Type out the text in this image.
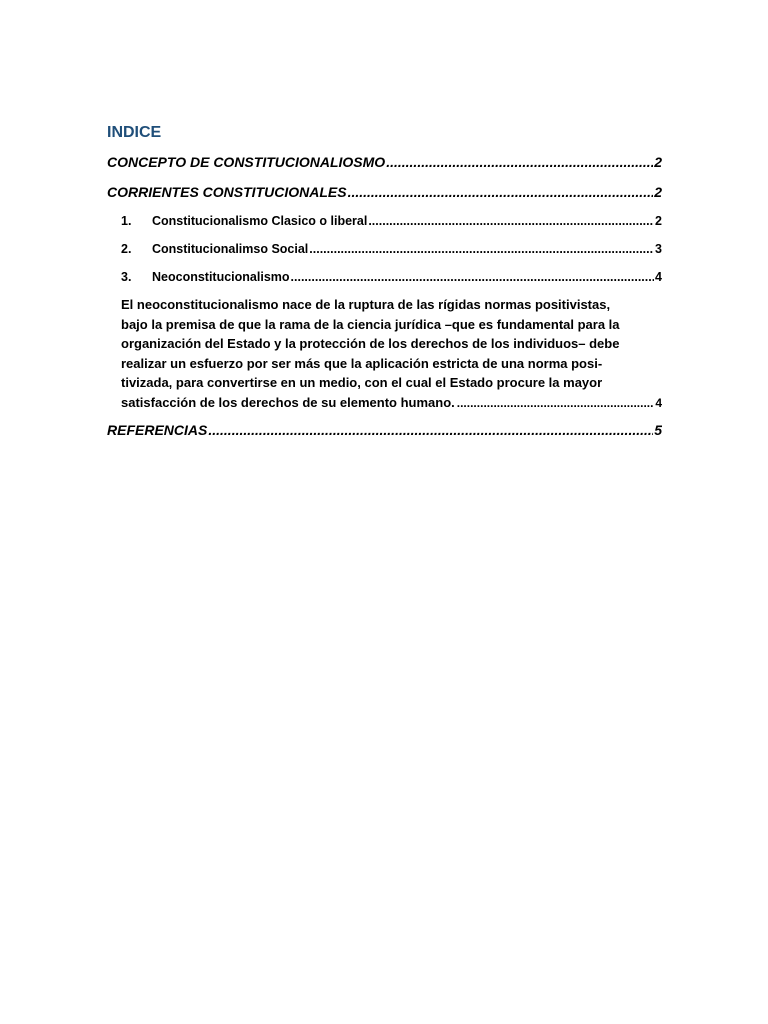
INDICE
CONCEPTO DE CONSTITUCIONALIOSMO .....	2
CORRIENTES CONSTITUCIONALES .....	2
1.	Constitucionalismo Clasico o liberal .....	2
2.	Constitucionalimso Social .....	3
3.	Neoconstitucionalismo .....	4
El neoconstitucionalismo nace de la ruptura de las rígidas normas positivistas,
bajo la premisa de que la rama de la ciencia jurídica –que es fundamental para la
organización del Estado y la protección de los derechos de los individuos– debe
realizar un esfuerzo por ser más que la aplicación estricta de una norma posi-
tivizada, para convertirse en un medio, con el cual el Estado procure la mayor
satisfacción de los derechos de su elemento humano. .....	4
REFERENCIAS .....	5
